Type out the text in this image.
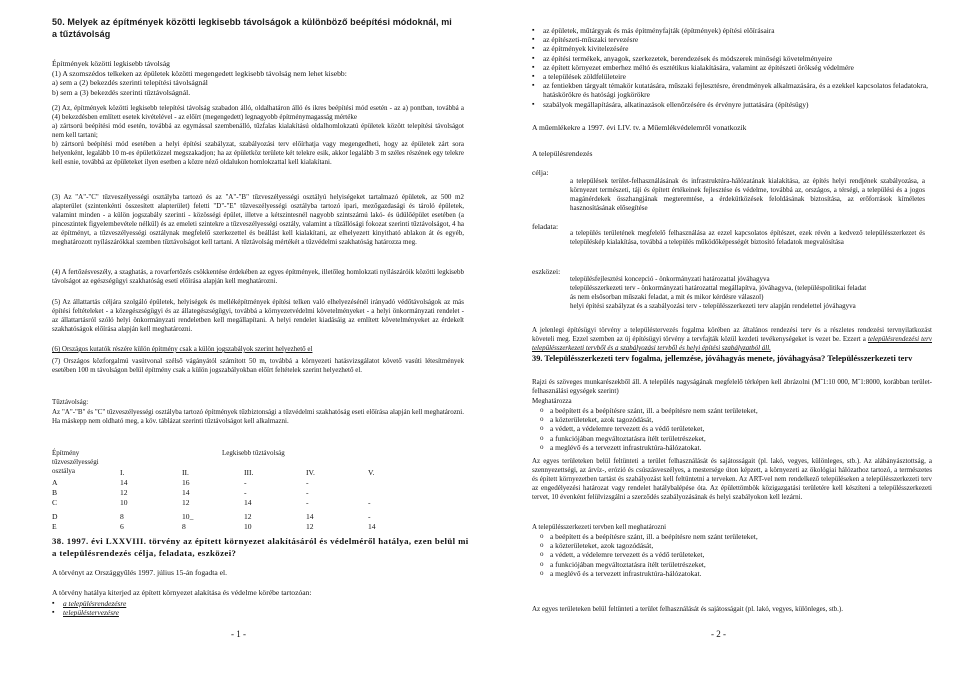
50. Melyek az építmények közötti legkisebb távolságok a különböző beépítési módoknál, mi a tűztávolság
Építmények közötti legkisebb távolság
(1) A szomszédos telkeken az épületek közötti megengedett legkisebb távolság nem lehet kisebb:
a) sem a (2) bekezdés szerinti telepítési távolságnál
b) sem a (3) bekezdés szerinti tűztávolságnál.
(2) Az, építmények közötti legkisebb telepítési távolság szabadon álló, oldalhatáron álló és ikres beépítési mód esetén - az a) pontban, továbbá a (4) bekezdésben említett esetek kivételével - az előírt (megengedett) legnagyobb építménymagasság mértéke
a) zártsorú beépítési mód esetén, továbbá az egymással szembenálló, tűzfalas kialakítású oldalhomlokzatú épületek között telepítési távolságot nem kell tartani;
b) zártsorú beépítési mód esetében a helyi építési szabályzat, szabályozási terv előírhatja vagy megengedheti, hogy az épületek zárt sora helyenként, legalább 10 m-es épületközzel megszakadjon; ha az épületköz területe két telekre esik, akkor legalább 3 m széles részének egy telekre kell esnie, továbbá az épületeket ilyen esetben a közre néző oldalukon homlokzattal kell kialakítani.
(3) Az "A"-"C" tűzveszélyességi osztályba tartozó és az "A"-"B" tűzveszélyességi osztályú helyiségeket tartalmazó épületek, az 500 m2 alapterület (szintenkénti összesített alapterület) feletti "D"-"E" tűzveszélyességi osztályba tartozó ipari, mezőgazdasági és tároló épületek, valamint minden - a külön jogszabály szerinti - közösségi épület, illetve a kétszintesnél nagyobb szintszámú lakó- és üdülőépület esetében (a pinceszintek figyelembevétele nélkül) és az emeleti szintekre a tűzveszélyességi osztály, valamint a tűzállósági fokozat szerinti tűztávolságot, 4 ha az építményt, a tűzveszélyességi osztálynak megfelelő szerkezettel és beállást kell kialakítani, az elhelyezett kinyitható ablakon át és egyéb, meghatározott nyílászárókkal szemben tűztávolságot kell tartani. A tűztávolság mértékét a tűzvédelmi szakhatóság határozza meg.
(4) A fertőzésveszély, a szaghatás, a rovarfertőzés csökkentése érdekében az egyes építmények, illetőleg homlokzati nyílászáróik közötti legkisebb távolságot az egészségügyi szakhatóság esetí előírása alapján kell meghatározni.
(5) Az állattartás céljára szolgáló épületek, helyiségek és melléképítmények építési telken való elhelyezésénél irányadó védőtávolságok az más építési feltételeket - a közegészségügyi és az állategészségügyi, továbbá a környezetvédelmi követelményeket - a helyi önkormányzati rendelet - az állattartásról szóló helyi önkormányzati rendeletben kell megállapítani. A helyi rendelet kiadásáig az említett követelményeket az érdekelt szakhatóságok előírása alapján kell meghatározni.
(6) Országos kutatók részére külön építmény csak a külön jogszabályok szerint helyezhető el
(7) Országos közforgalmú vasútvonal szélső vágányától számított 50 m, továbbá a környezeti hatásvizsgálatot követő vasúti létesítmények esetében 100 m távolságon belül építmény csak a külön jogszabályokban előírt feltételek szerint helyezhető el.
Tűztávolság:
Az "A"-"B" és "C" tűzveszélyességi osztályba tartozó építmények tűzbiztonsági a tűzvédelmi szakhatóság eseti előírása alapján kell meghatározni. Ha máskepp nem oldható meg, a köv. táblázat szerinti tűztávolságot kell alkalmazni.
Építmény
tűzveszélyességi
osztálya
Legkisebb tűztávolság
	I.	II.	III.	IV.	V.
A	14	16	-	-	
B	12	14	-	-	
C	10	12	14	-	-

D	8	10_	12	14	-
E	6	8	10	12	14
38. 1997. évi LXXVIII. törvény az épített környezet alakításáról és védelméről hatálya, ezen belül mi a településrendezés célja, feladata, eszközei?
A törvényt az Országgyűlés 1997. július 15-án fogadta el.
A törvény hatálya kiterjed az épített környezet alakítása és védelme körébe tartozóan:
▪ a településrendezésre
▪ településtervezésre
- 1 -
▪ az épületek, műtárgyak és más építményfajták (építmények) építési előírásaira
▪ az építészeti-műszaki tervezésre
▪ az építmények kivitelezésére
▪ az építési termékek, anyagok, szerkezetek, berendezések és módszerek minőségi követelményeire
▪ az épített környezet emberhez méltó és esztétikus kialakítására, valamint az építészeti örökség védelmére
▪ a települések zöldfelületeire
▪ az fentiekben tárgyalt témakör kutatására, műszaki fejlesztésre, érendmények alkalmazására, és a ezekkel kapcsolatos feladatokra, hatáskörökre és hatósági jogkörökre
▪ szabályok megállapítására, alkatinazások ellenőrzésére és érvényre juttatására (építésügy)
A műemlékekre a 1997. évi LIV. tv. a Műemlékvédelemről vonatkozik
A településrendezés
célja:
a települések terület-felhasználásának és infrastruktúra-hálózatának kialakítása, az építés helyi rendjének szabályozása, a környezet természeti, táji és épített értékeinek fejlesztése és védelme, továbbá az, országos, a térségi, a települési és a jogos magánérdekek összhangjának megteremtése, a érdekütközések feloldásának biztosítása, az erőforrások kíméletes hasznosításának elősegítése
feladata:
a település területének megfelelő felhasználása az ezzel kapcsolatos építészet, ezek révén a kedvező településszerkezet és településkép kialakítása, továbbá a település működőképességét biztosító feladatok megvalósítása
eszközei:
településfejlesztési koncepció - önkormányzati határozattal jóváhagyva
településszerkezeti terv - önkormányzati határozattal megállapítva, jóváhagyva, (településpolitikai feladat
ás nem elsősorban műszaki feladat, a mit és mikor kérdésre válaszol)
helyi építési szabályzat és a szabályozási terv - településszerkezeti terv alapján rendelettel jóváhagyva
A jelenlegi építésügyi törvény a településtervezés fogalma körében az általános rendezési terv és a részletes rendezési tervnyilatkozást követeli meg. Ezzel szemben az új építésügyi törvény a tervfajták közül kezdeti tevékenységeket is vezet be. Ezzert a településrendezési terv településszerkezeti tervből és a szabályozási tervből és helyi építési szabályzatból áll.
39. Településszerkezeti terv fogalma, jellemzése, jóváhagyás menete, jóváhagyása? Településszerkezeti terv
Rajzi és szöveges munkarészekből áll. A település nagyságának megfelelő térképen kell ábrázolni (M˜1:10 000, M˜1:8000, korábban terület-felhasználási egységek szerint)
Meghatározza
o a beépített és a beépítésre szánt, ill. a beépítésre nem szánt területeket,
o a közterületeket, azok tagozódását,
o a védett, a védelemre tervezett és a védő területeket,
o a funkciójában megváltoztatásra ítélt területrészeket,
o a meglévő és a tervezett infrastruktúra-hálózatokat.
Az egyes területeken belül feltünteti a terület felhasználását és sajátosságait (pl. lakó, vegyes, különleges, stb.). Az alábányásztottság, a szennyezettségi, az árvíz-, erózió és csúszásveszélyes, a mestersége úton képzett, a környezeti az ökológiai hálózathoz tartozó, a természetes és épített környezetben tartást és szabályozást kell feltüntetni a terveken. Az ART-vel nem rendelkező településeken a településszerkezeti terv az engedélyezési határozat vagy rendelet hatálybalépése óta. Az épülettömbök közigazgatási területére kell készíteni a településszerkezeti tervet, 10 évenként felülvizsgálni a szerződés szabályozásának és helyi szabályokon kell lezárni.
A településszerkezeti tervben kell meghatározni
o a beépített és a beépítésre szánt, ill. a beépítésre nem szánt területeket,
o a közterületeket, azok tagozódását,
o a védett, a védelemre tervezett és a védő területeket,
o a funkciójában megváltoztatásra ítélt területrészeket,
o a meglévő és a tervezett infrastruktúra-hálózatokat.
Az egyes területeken belül feltünteti a terület felhasználását és sajátosságait (pl. lakó, vegyes, különleges, stb.).
- 2 -
